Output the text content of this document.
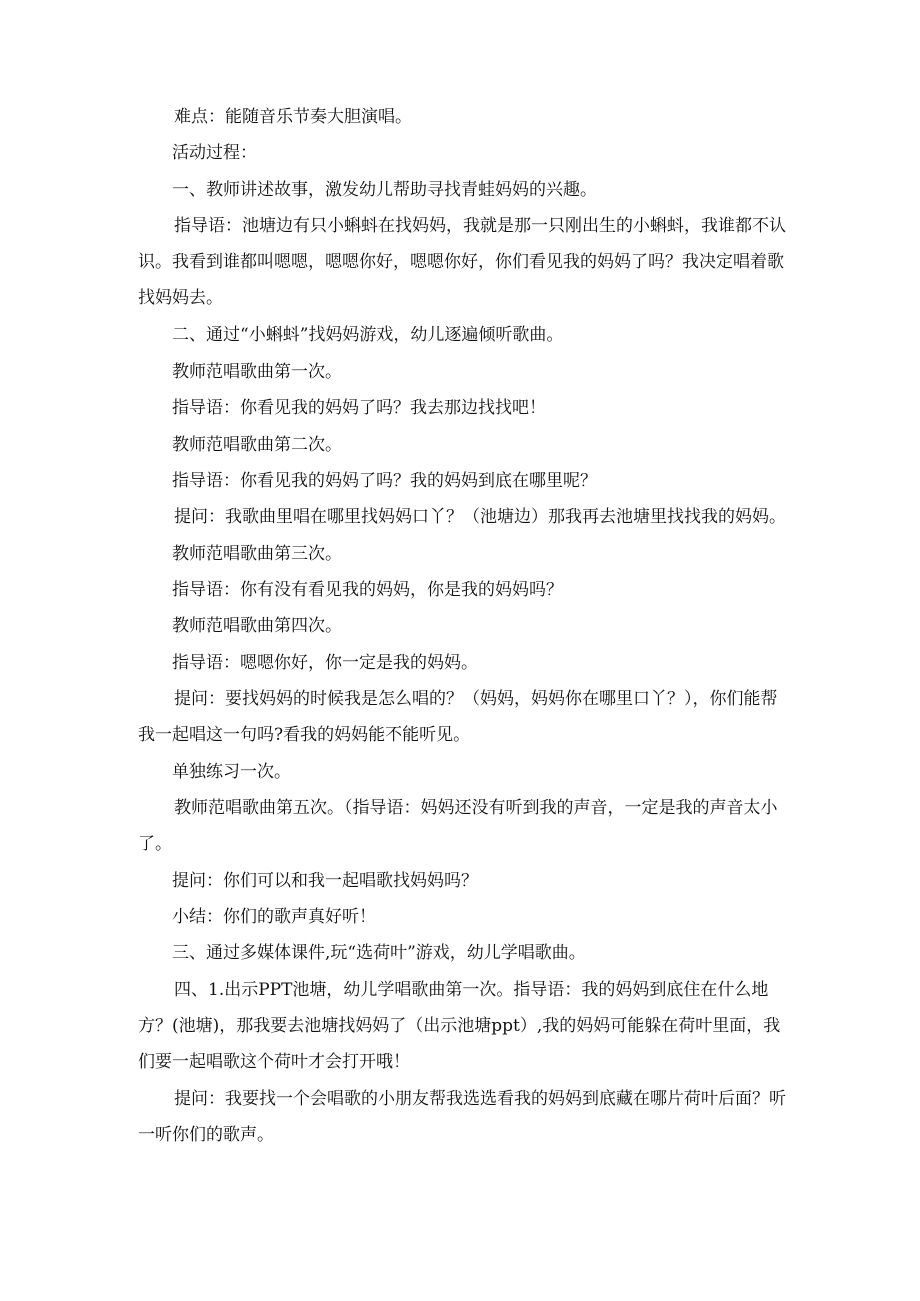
难点：能随音乐节奏大胆演唱。

活动过程：

一、教师讲述故事，激发幼儿帮助寻找青蛙妈妈的兴趣。

指导语：池塘边有只小蝌蚪在找妈妈，我就是那一只刚出生的小蝌蚪，我谁都不认识。我看到谁都叫嗯嗯，嗯嗯你好，嗯嗯你好，你们看见我的妈妈了吗？我决定唱着歌找妈妈去。

二、通过“小蝌蚪”找妈妈游戏，幼儿逐遍倾听歌曲。

教师范唱歌曲第一次。

指导语：你看见我的妈妈了吗？我去那边找找吧！

教师范唱歌曲第二次。

指导语：你看见我的妈妈了吗？我的妈妈到底在哪里呢？

提问：我歌曲里唱在哪里找妈妈口丫？（池塘边）那我再去池塘里找找我的妈妈。

教师范唱歌曲第三次。

指导语：你有没有看见我的妈妈，你是我的妈妈吗？

教师范唱歌曲第四次。

指导语：嗯嗯你好，你一定是我的妈妈。

提问：要找妈妈的时候我是怎么唱的？（妈妈，妈妈你在哪里口丫？），你们能帮我一起唱这一句吗?看我的妈妈能不能听见。

单独练习一次。

教师范唱歌曲第五次。（指导语：妈妈还没有听到我的声音，一定是我的声音太小了。

提问：你们可以和我一起唱歌找妈妈吗？

小结：你们的歌声真好听！

三、通过多媒体课件,玩“选荷叶”游戏，幼儿学唱歌曲。

四、1.出示PPT池塘，幼儿学唱歌曲第一次。指导语：我的妈妈到底住在什么地方？(池塘)，那我要去池塘找妈妈了（出示池塘ppt）,我的妈妈可能躲在荷叶里面，我们要一起唱歌这个荷叶才会打开哦！

提问：我要找一个会唱歌的小朋友帮我选选看我的妈妈到底藏在哪片荷叶后面？听一听你们的歌声。
